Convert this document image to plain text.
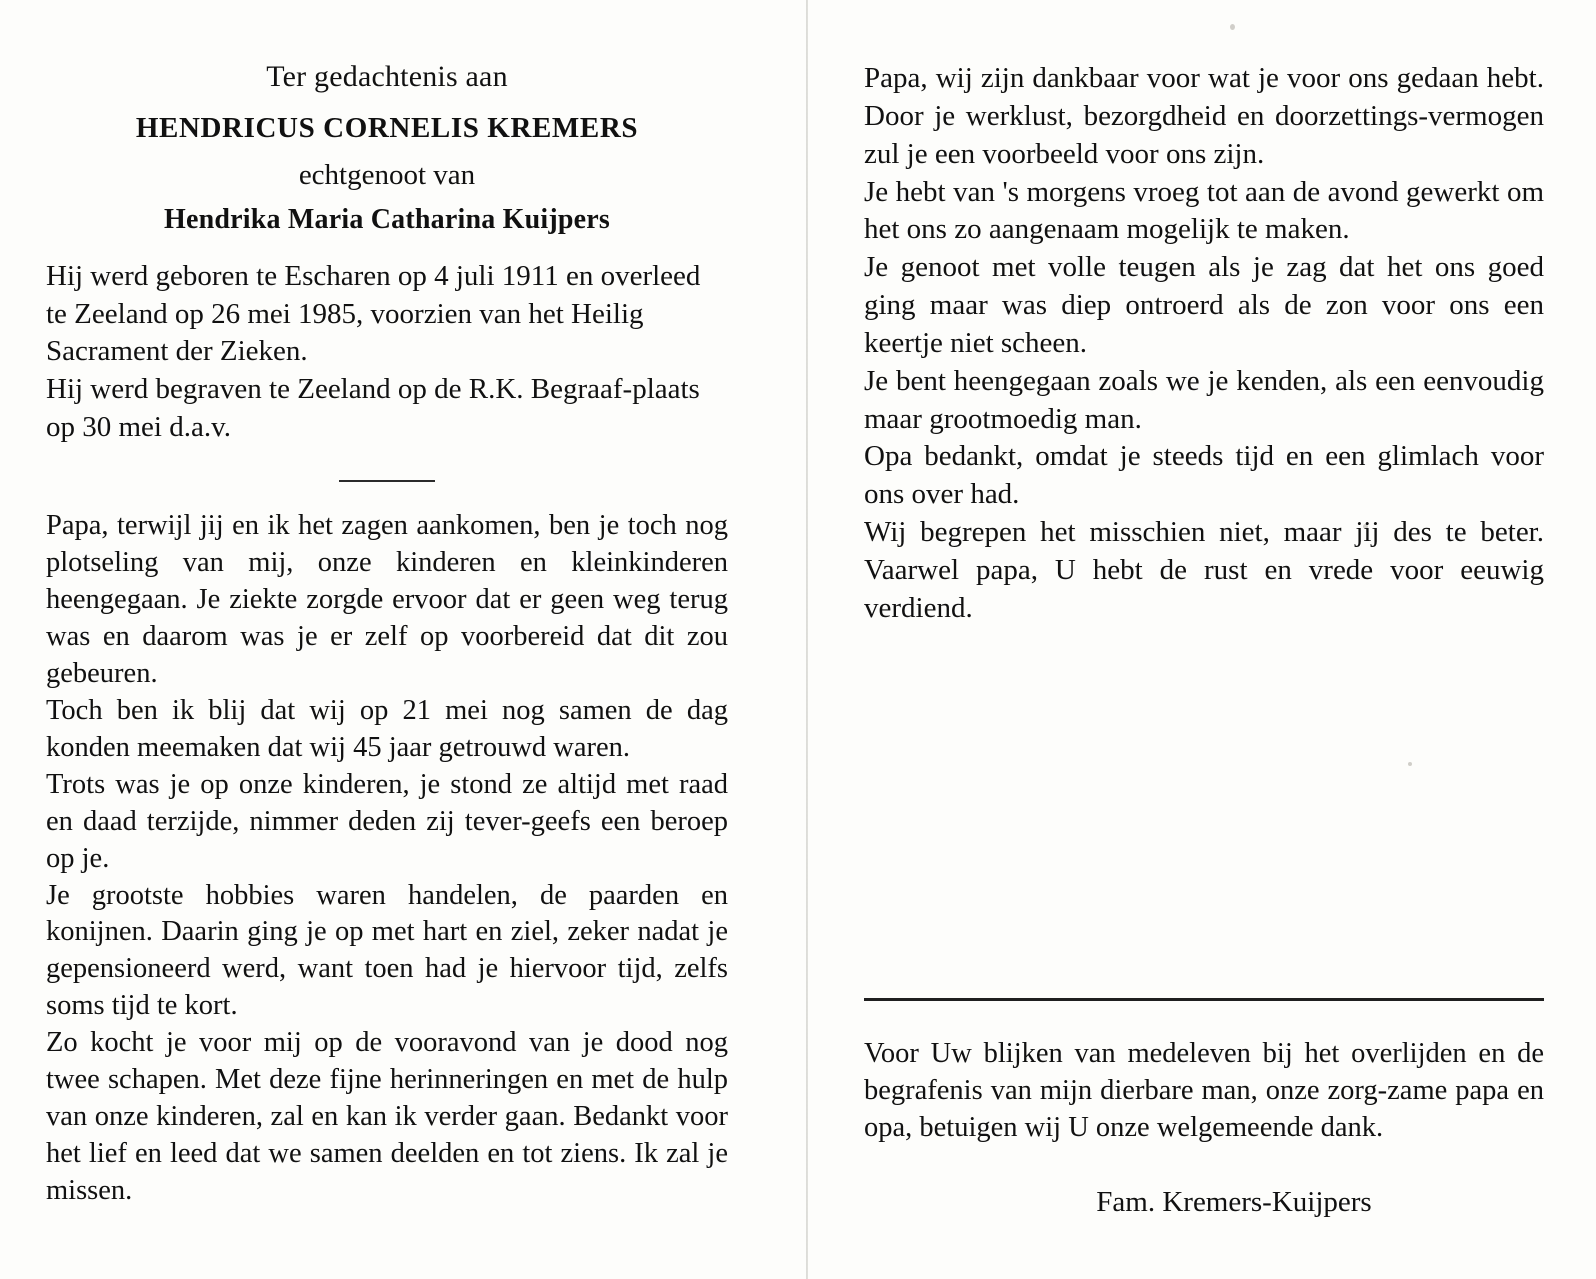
Ter gedachtenis aan
HENDRICUS CORNELIS KREMERS
echtgenoot van
Hendrika Maria Catharina Kuijpers

Hij werd geboren te Escharen op 4 juli 1911 en overleed te Zeeland op 26 mei 1985, voorzien van het Heilig Sacrament der Zieken.

Hij werd begraven te Zeeland op de R.K. Begraaf-plaats op 30 mei d.a.v.

Papa, terwijl jij en ik het zagen aankomen, ben je toch nog plotseling van mij, onze kinderen en kleinkinderen heengegaan. Je ziekte zorgde ervoor dat er geen weg terug was en daarom was je er zelf op voorbereid dat dit zou gebeuren.

Toch ben ik blij dat wij op 21 mei nog samen de dag konden meemaken dat wij 45 jaar getrouwd waren.

Trots was je op onze kinderen, je stond ze altijd met raad en daad terzijde, nimmer deden zij tever-geefs een beroep op je.

Je grootste hobbies waren handelen, de paarden en konijnen. Daarin ging je op met hart en ziel, zeker nadat je gepensioneerd werd, want toen had je hiervoor tijd, zelfs soms tijd te kort.

Zo kocht je voor mij op de vooravond van je dood nog twee schapen. Met deze fijne herinneringen en met de hulp van onze kinderen, zal en kan ik verder gaan. Bedankt voor het lief en leed dat we samen deelden en tot ziens. Ik zal je missen.

Papa, wij zijn dankbaar voor wat je voor ons gedaan hebt. Door je werklust, bezorgdheid en doorzettings-vermogen zul je een voorbeeld voor ons zijn.

Je hebt van 's morgens vroeg tot aan de avond gewerkt om het ons zo aangenaam mogelijk te maken.

Je genoot met volle teugen als je zag dat het ons goed ging maar was diep ontroerd als de zon voor ons een keertje niet scheen.

Je bent heengegaan zoals we je kenden, als een eenvoudig maar grootmoedig man.

Opa bedankt, omdat je steeds tijd en een glimlach voor ons over had.

Wij begrepen het misschien niet, maar jij des te beter. Vaarwel papa, U hebt de rust en vrede voor eeuwig verdiend.

Voor Uw blijken van medeleven bij het overlijden en de begrafenis van mijn dierbare man, onze zorg-zame papa en opa, betuigen wij U onze welgemeende dank.

Fam. Kremers-Kuijpers
